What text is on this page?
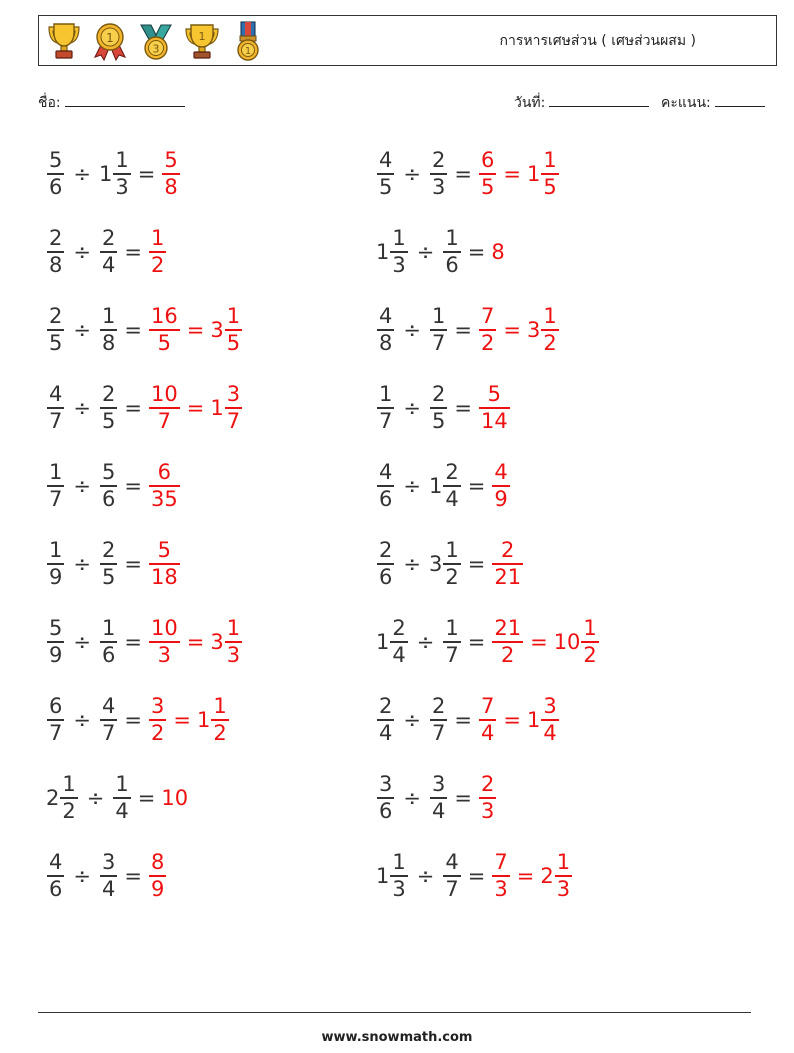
1
3
1
1
การหารเศษส่วน ( เศษส่วนผสม )
ชื่อ:	วันที่:	คะแนน:
$\frac{5}{6} \div 1 \frac{1}{3} = \frac{5}{8}$	$\frac{4}{5} \div \frac{2}{3} = \frac{6}{5} = 1 \frac{1}{5}$
$\frac{2}{8} \div \frac{2}{4} = \frac{1}{2}$	$1 \frac{1}{3} \div \frac{1}{6} = 8$
$\frac{2}{5} \div \frac{1}{8} = \frac{16}{5} = 3 \frac{1}{5}$	$\frac{4}{8} \div \frac{1}{7} = \frac{7}{2} = 3 \frac{1}{2}$
$\frac{4}{7} \div \frac{2}{5} = \frac{10}{7} = 1 \frac{3}{7}$	$\frac{1}{7} \div \frac{2}{5} = \frac{5}{14}$
$\frac{1}{7} \div \frac{5}{6} = \frac{6}{35}$	$\frac{4}{6} \div 1 \frac{2}{4} = \frac{4}{9}$
$\frac{1}{9} \div \frac{2}{5} = \frac{5}{18}$	$\frac{2}{6} \div 3 \frac{1}{2} = \frac{2}{21}$
$\frac{5}{9} \div \frac{1}{6} = \frac{10}{3} = 3 \frac{1}{3}$	$1 \frac{2}{4} \div \frac{1}{7} = \frac{21}{2} = 10 \frac{1}{2}$
$\frac{6}{7} \div \frac{4}{7} = \frac{3}{2} = 1 \frac{1}{2}$	$\frac{2}{4} \div \frac{2}{7} = \frac{7}{4} = 1 \frac{3}{4}$
$2 \frac{1}{2} \div \frac{1}{4} = 10$	$\frac{3}{6} \div \frac{3}{4} = \frac{2}{3}$
$\frac{4}{6} \div \frac{3}{4} = \frac{8}{9}$	$1 \frac{1}{3} \div \frac{4}{7} = \frac{7}{3} = 2 \frac{1}{3}$
www.snowmath.com
